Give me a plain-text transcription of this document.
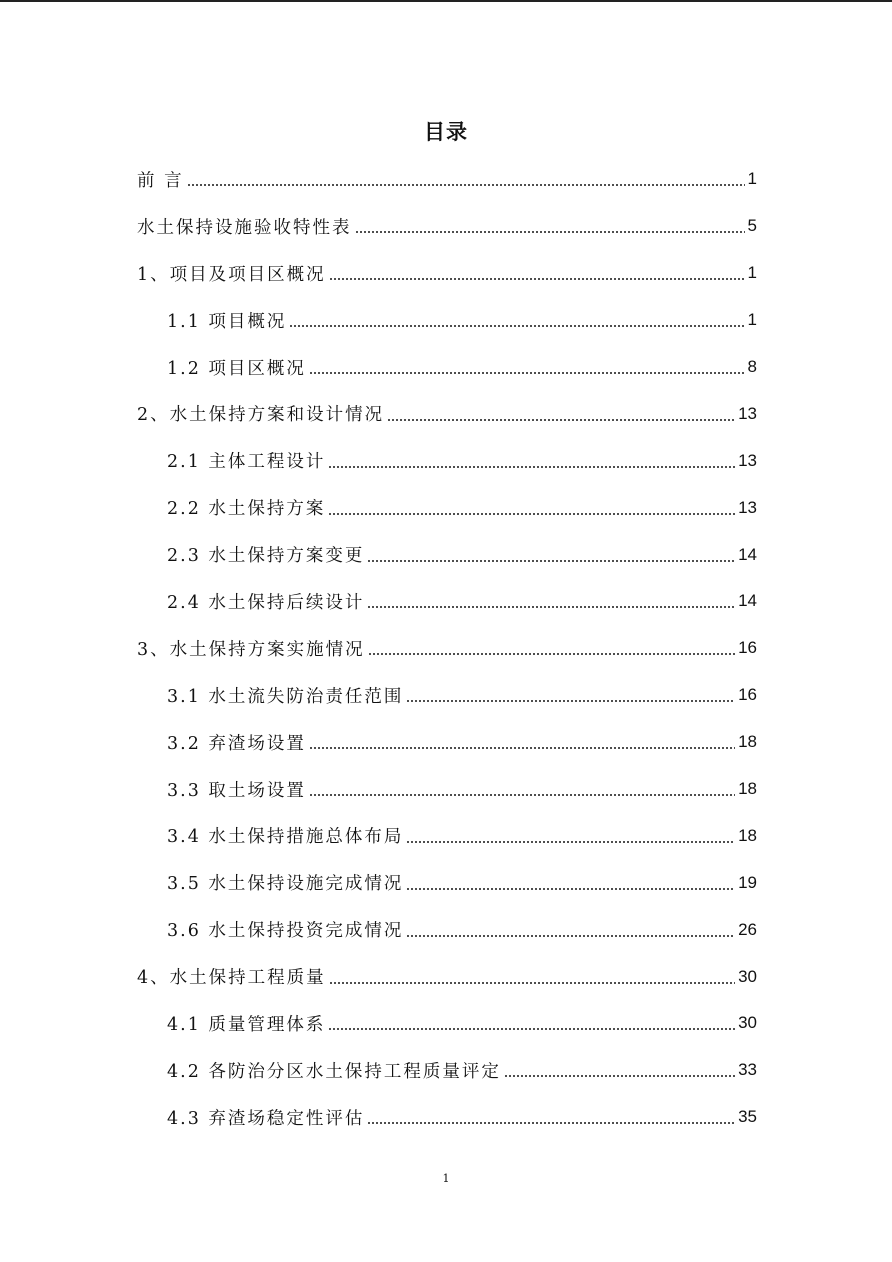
目录
前 言	1
水土保持设施验收特性表	5
1、项目及项目区概况	1
1.1 项目概况	1
1.2 项目区概况	8
2、水土保持方案和设计情况	13
2.1 主体工程设计	13
2.2 水土保持方案	13
2.3 水土保持方案变更	14
2.4 水土保持后续设计	14
3、水土保持方案实施情况	16
3.1 水土流失防治责任范围	16
3.2 弃渣场设置	18
3.3 取土场设置	18
3.4 水土保持措施总体布局	18
3.5 水土保持设施完成情况	19
3.6 水土保持投资完成情况	26
4、水土保持工程质量	30
4.1 质量管理体系	30
4.2 各防治分区水土保持工程质量评定	33
4.3 弃渣场稳定性评估	35
1
